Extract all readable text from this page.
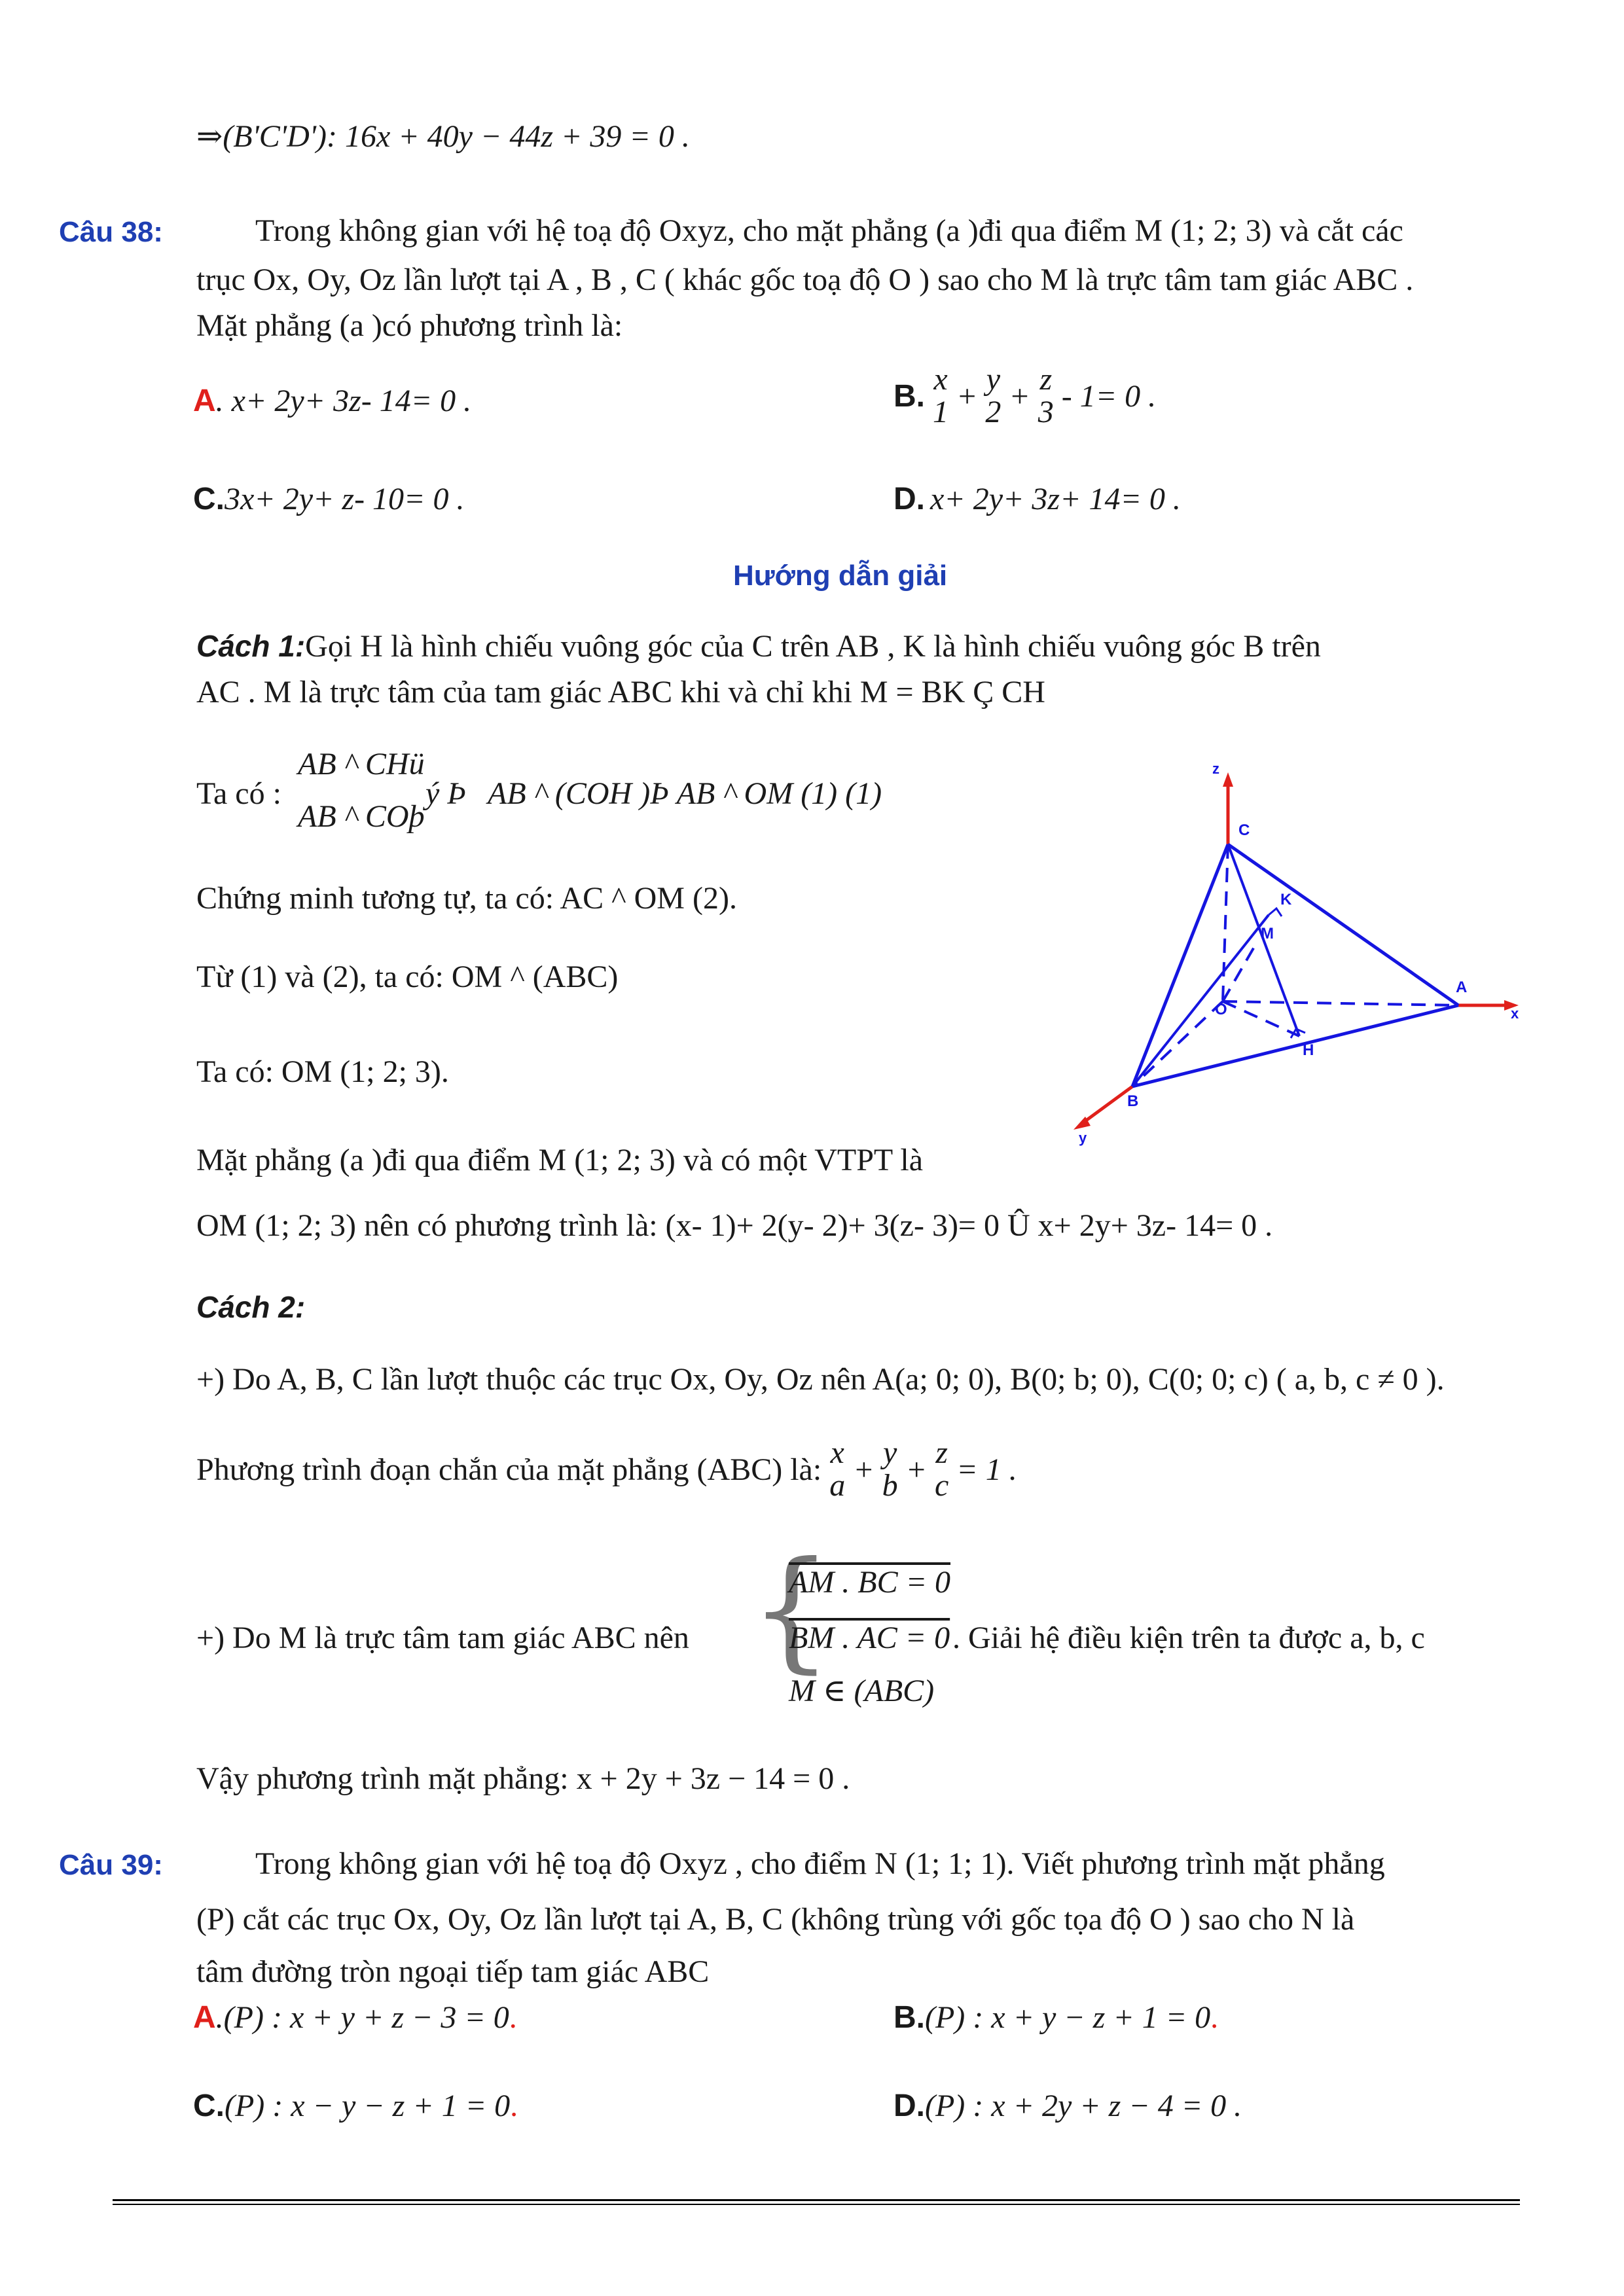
⇒(B'C'D'): 16x + 40y − 44z + 39 = 0 .
Câu 38:	Trong không gian với hệ toạ độ Oxyz, cho mặt phẳng (a )đi qua điểm M (1; 2; 3) và cắt các
trục Ox, Oy, Oz lần lượt tại A , B , C ( khác gốc toạ độ O ) sao cho M là trực tâm tam giác ABC .
Mặt phẳng (a )có phương trình là:
A. x+ 2y+ 3z- 14= 0 .	B. x
1 + y
2 + z
3 - 1= 0 .
C.3x+ 2y+ z- 10= 0 .	D. x+ 2y+ 3z+ 14= 0 .
Hướng dẫn giải
Cách 1:Gọi H là hình chiếu vuông góc của C trên AB , K là hình chiếu vuông góc B trên
AC . M là trực tâm của tam giác ABC khi và chỉ khi M = BK Ç CH
Ta có :
AB ^ CHü
AB ^ COþ
ý Þ AB ^ (COH )Þ AB ^ OM (1) (1)
Chứng minh tương tự, ta có: AC ^ OM (2).
Từ (1) và (2), ta có: OM ^ (ABC)
Ta có: OM (1; 2; 3).
Mặt phẳng (a )đi qua điểm M (1; 2; 3) và có một VTPT là
OM (1; 2; 3) nên có phương trình là: (x- 1)+ 2(y- 2)+ 3(z- 3)= 0 Û x+ 2y+ 3z- 14= 0 .
z
x
y
C
K
M
A
O
H
B
Cách 2:
+) Do A, B, C lần lượt thuộc các trục Ox, Oy, Oz nên A(a; 0; 0), B(0; b; 0), C(0; 0; c) ( a, b, c ≠ 0 ).
Phương trình đoạn chắn của mặt phẳng (ABC) là: x
a + y
b + z
c = 1 .
+) Do M là trực tâm tam giác ABC nên {
AM . BC = 0
BM . AC = 0
M ∈ (ABC)
. Giải hệ điều kiện trên ta được a, b, c
Vậy phương trình mặt phẳng: x + 2y + 3z − 14 = 0 .
Câu 39:	Trong không gian với hệ toạ độ Oxyz , cho điểm N (1; 1; 1). Viết phương trình mặt phẳng
(P) cắt các trục Ox, Oy, Oz lần lượt tại A, B, C (không trùng với gốc tọa độ O ) sao cho N là
tâm đường tròn ngoại tiếp tam giác ABC
A.(P) : x + y + z − 3 = 0.	B.(P) : x + y − z + 1 = 0.
C.(P) : x − y − z + 1 = 0.	D.(P) : x + 2y + z − 4 = 0 .
